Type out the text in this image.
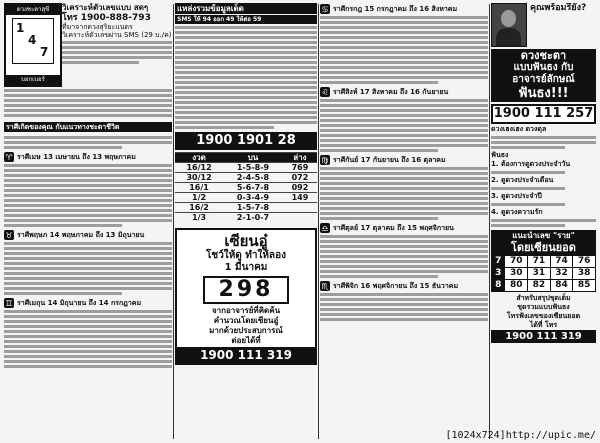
ดวงชะตาสุขี
1
4
7
บอกเบอร์
วิเคราะห์ตัวเลขแบบ สดๆ
โทร 1900-888-793
ที่มาจากดวงสุริยะแนดร
วิเคราะห์ตัวเลขผ่าน SMS (29 บ./ค)
ราศีเกิดของคุณ กับแนวทางชะตาชีวิต
♈ ราศีเมษ 13 เมษายน ถึง 13 พฤษภาคม
♉ ราศีพฤษภ 14 พฤษภาคม ถึง 13 มิถุนายน
♊ ราศีเมถุน 14 มิถุนายน ถึง 14 กรกฎาคม
แหล่งรวมข้อมูลเด็ด
SMS ให้ 94 ออก 49 ให้ต่อ 59
1900 1901 28
งวด	บน	ล่าง
16/12	1-5-8-9	769
30/12	2-4-5-8	072
16/1	5-6-7-8	092
1/2	0-3-4-9	149
16/2	1-5-7-8	
1/3	2-1-0-7	
เซียนอู๋
โชว์ให้ดู ทำให้ลอง
1 มีนาคม
298
จากอาจารย์ที่คิดค้น
คำนวณโดยเซียนอู๋
มากด้วยประสบการณ์
ต่อยได้ที่
1900 111 319
♋ ราศีกรกฎ 15 กรกฎาคม ถึง 16 สิงหาคม
♌ ราศีสิงห์ 17 สิงหาคม ถึง 16 กันยายน
♍ ราศีกันย์ 17 กันยายน ถึง 16 ตุลาคม
♎ ราศีตุลย์ 17 ตุลาคม ถึง 15 พฤศจิกายน
♏ ราศีพิจิก 16 พฤศจิกายน ถึง 15 ธันวาคม
คุณพร้อมรึยัง?
ดวงชะตา
แบบฟันธง กับ
อาจารย์ลักษณ์
ฟันธง!!!
1900 111 257
ดวงเฮงเฮง ดวงดุล
ฟันธง
1. ต้องการดูดวงประจำวัน
2. ดูดวงประจำเดือน
3. ดูดวงประจำปี
4. ดูดวงความรัก
แนะนำเลข "ราย"
โดยเซียนยอด
7	70	71	74	76
3	30	31	32	38
8	80	82	84	85
สำหรับสรุปชุดเต็ม
ชุดรวมแบบฟันธง
โทรฟังเลขของเซียนยอด
ได้ที่ โทร
1900 111 319
[1024x724]http://upic.me/
